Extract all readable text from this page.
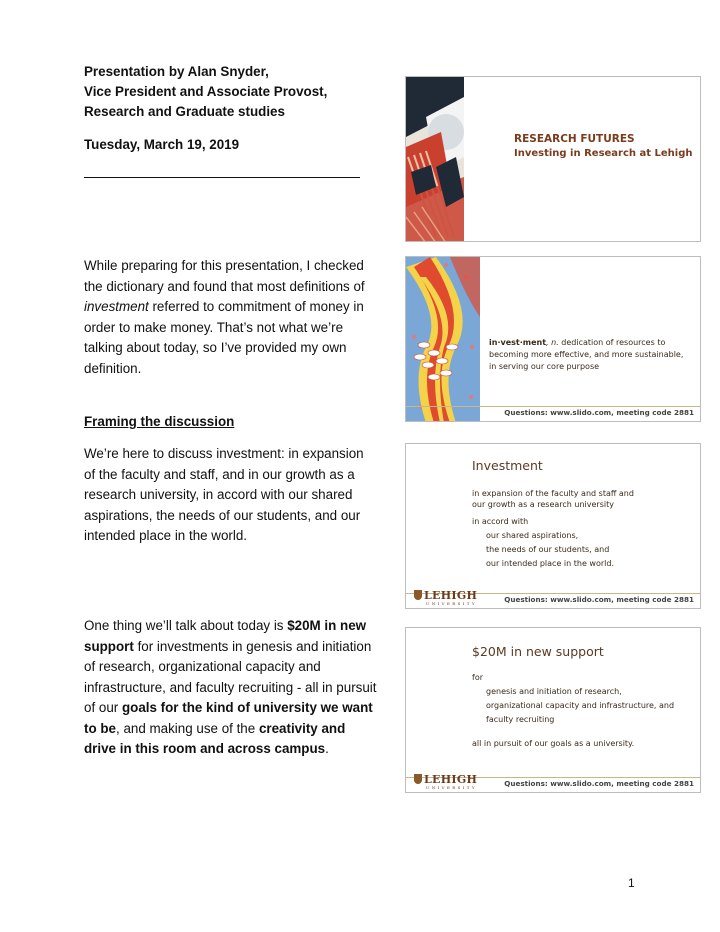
Presentation by Alan Snyder,
Vice President and Associate Provost,
Research and Graduate studies
Tuesday, March 19, 2019
While preparing for this presentation, I checked
the dictionary and found that most definitions of
investment referred to commitment of money in
order to make money. That’s not what we’re
talking about today, so I’ve provided my own
definition.
Framing the discussion
We’re here to discuss investment: in expansion
of the faculty and staff, and in our growth as a
research university, in accord with our shared
aspirations, the needs of our students, and our
intended place in the world.
One thing we’ll talk about today is $20M in new
support for investments in genesis and initiation
of research, organizational capacity and
infrastructure, and faculty recruiting - all in pursuit
of our goals for the kind of university we want
to be, and making use of the creativity and
drive in this room and across campus.
RESEARCH FUTURES
Investing in Research at Lehigh
in·vest·ment, n. dedication of resources to
becoming more effective, and more sustainable,
in serving our core purpose
Questions: www.slido.com, meeting code 2881
Investment
in expansion of the faculty and staff and
our growth as a research university
in accord with
our shared aspirations,
the needs of our students, and
our intended place in the world.
LEHIGH
UNIVERSITY	Questions: www.slido.com, meeting code 2881
$20M in new support
for
genesis and initiation of research,
organizational capacity and infrastructure, and
faculty recruiting
all in pursuit of our goals as a university.
LEHIGH
UNIVERSITY	Questions: www.slido.com, meeting code 2881
1
